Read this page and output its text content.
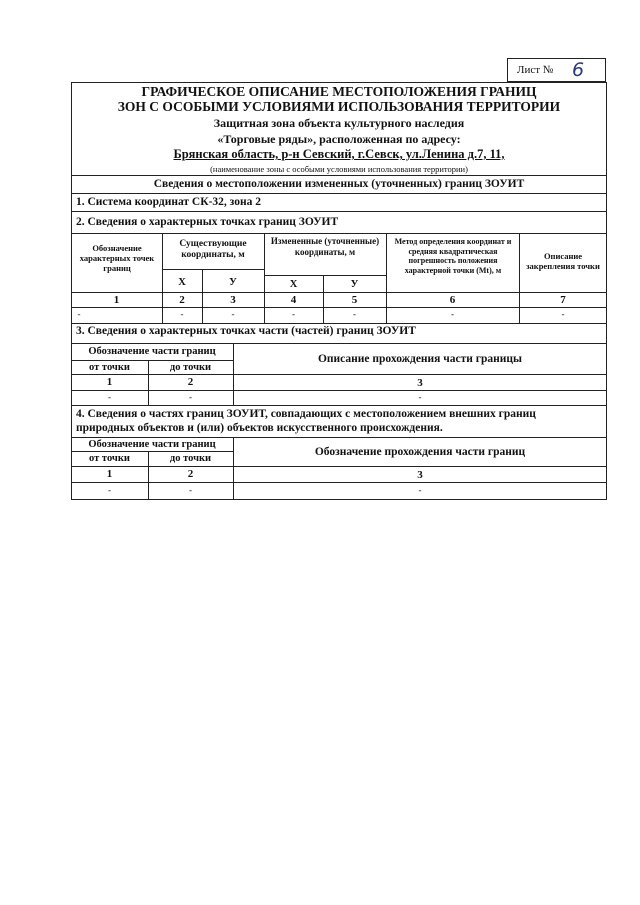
Лист № 6
ГРАФИЧЕСКОЕ ОПИСАНИЕ МЕСТОПОЛОЖЕНИЯ ГРАНИЦ
ЗОН С ОСОБЫМИ УСЛОВИЯМИ ИСПОЛЬЗОВАНИЯ ТЕРРИТОРИИ
Защитная зона объекта культурного наследия
«Торговые ряды», расположенная по адресу:
Брянская область, р-н Севский, г.Севск, ул.Ленина д.7, 11,
(наименование зоны с особыми условиями использования территории)
Сведения о местоположении измененных (уточненных) границ ЗОУИТ
1. Система координат СК-32, зона 2
2. Сведения о характерных точках границ ЗОУИТ
Обозначение характерных точек границ
Существующие координаты, м
Измененные (уточненные) координаты, м
Метод определения координат и средняя квадратическая погрешность положения характерной точки (Mt), м
Описание закрепления точки
Х	У	Х	У
1	2	3	4	5	6	7
-	-	-	-	-	-	-
3. Сведения о характерных точках части (частей) границ ЗОУИТ
Обозначение части границ
от точки	до точки
Описание прохождения части границы
1	2	3
-	-	-
4. Сведения о частях границ ЗОУИТ, совпадающих с местоположением внешних границ
природных объектов и (или) объектов искусственного происхождения.
Обозначение части границ
от точки	до точки
Обозначение прохождения части границ
1	2	3
-	-	-
